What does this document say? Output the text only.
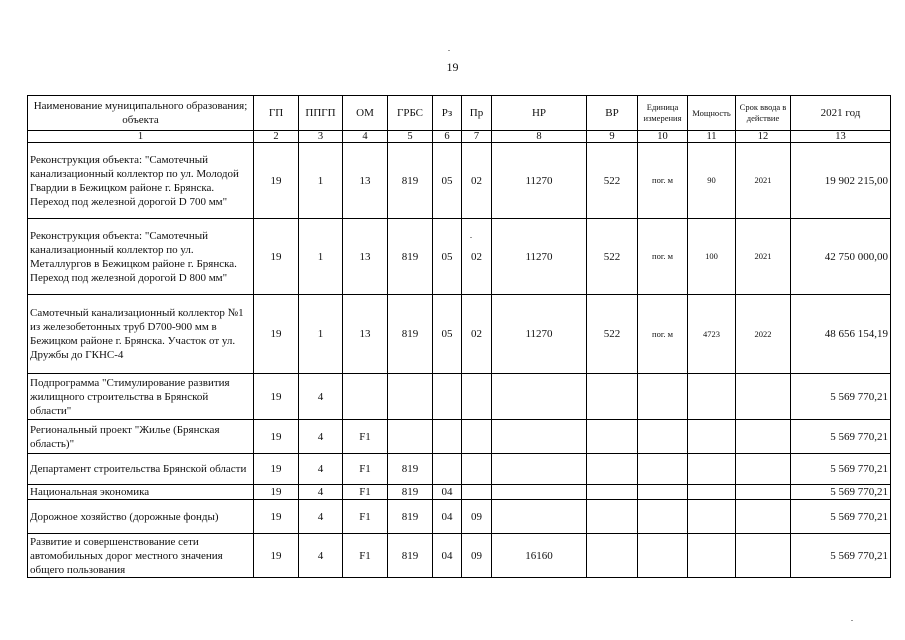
19
Наименование муниципального образования; объекта	ГП	ППГП	ОМ	ГРБС	Рз	Пр	НР	ВР	Единица измерения	Мощность	Срок ввода в действие	2021 год
1	2	3	4	5	6	7	8	9	10	11	12	13
Реконструкция объекта: "Самотечный канализационный коллектор по ул. Молодой Гвардии в Бежицком районе г. Брянска. Переход под железной дорогой D 700 мм"	19	1	13	819	05	02	11270	522	пог. м	90	2021	19 902 215,00
Реконструкция объекта: "Самотечный канализационный коллектор по ул. Металлургов в Бежицком районе г. Брянска. Переход под железной дорогой D 800 мм"	19	1	13	819	05	02	11270	522	пог. м	100	2021	42 750 000,00
Самотечный канализационный коллектор №1 из железобетонных труб D700-900 мм в Бежицком районе г. Брянска. Участок от ул. Дружбы до ГКНС-4	19	1	13	819	05	02	11270	522	пог. м	4723	2022	48 656 154,19
Подпрограмма "Стимулирование развития жилищного строительства в Брянской области"	19	4										5 569 770,21
Региональный проект "Жилье (Брянская область)"	19	4	F1									5 569 770,21
Департамент строительства Брянской области	19	4	F1	819								5 569 770,21
Национальная экономика	19	4	F1	819	04							5 569 770,21
Дорожное хозяйство (дорожные фонды)	19	4	F1	819	04	09						5 569 770,21
Развитие и совершенствование сети автомобильных дорог местного значения общего пользования	19	4	F1	819	04	09	16160					5 569 770,21
